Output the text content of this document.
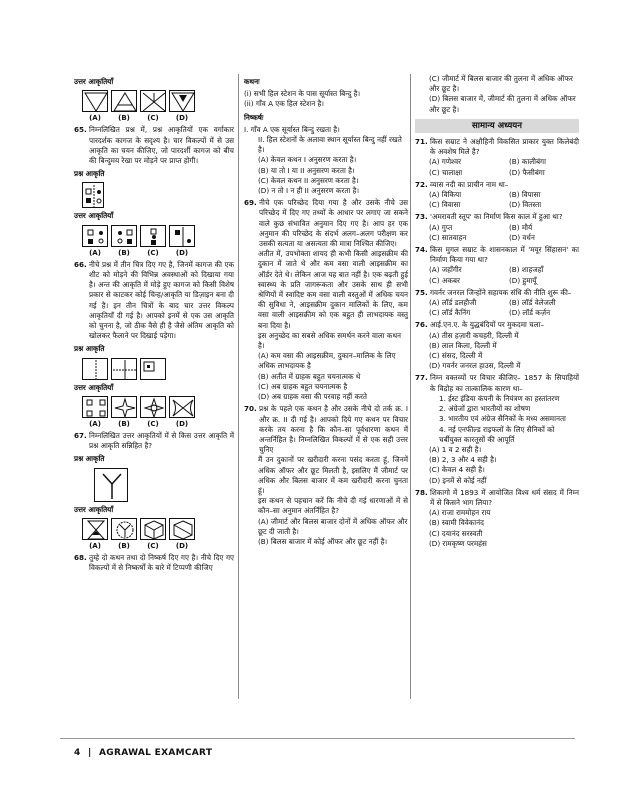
उत्तर आकृतियाँ
(A)	(B)	(C)	(D)
65. निम्नलिखित प्रश्न में, प्रश्न आकृतियों एक वर्गाकार पारदर्शक कागज के सदृश्य है। चार विकल्पों में से उस आकृति का चयन कीजिए, जो पारदर्शी कागज को बीच की बिन्दुमय रेखा पर मोड़ने पर प्राप्त होगी।
प्रश्न आकृति
उत्तर आकृतियाँ
(A)	(B)	(C)	(D)
66. नीचे प्रश्न में तीन चित्र दिए गए है, जिनमें कागज की एक शीट को मोड़ने की विभिन्न अवस्थाओं को दिखाया गया है। अन्त की आकृति में मोड़े हुए कागज को किसी विशेष प्रकार से काटकर कोई चिन्ह/आकृति या डिज़ाइन बना दी गई है। इन तीन चित्रों के बाद चार उत्तर विकल्प आकृतियाँ दी गई है। आपको इनमें से एक उस आकृति को चुनना है, जो ठीक वैसे ही है जैसे अंतिम आकृति को खोलकर फैलाने पर दिखाई पड़ेगा।
प्रश्न आकृति
उत्तर आकृतियाँ
(A)	(B)	(C)	(D)
67. निम्नलिखित उत्तर आकृतियों में से किस उत्तर आकृति में प्रश्न आकृति सन्निहित है?
प्रश्न आकृति
उत्तर आकृतियाँ
(A)	(B)	(C)	(D)
68. तुम्हे दो कथन तथा दो निष्कर्ष दिए गए है। नीचे दिए गए विकल्पों में से निष्कर्षों के बारे में टिप्पणी कीजिए
कथनः
(i) सभी हिल स्टेशन के पास सूर्यास्त बिन्दु है।
(ii) गाँव A एक हिल स्टेशन है।
निष्कर्षः
I. गाँव A एक सूर्यास्त बिन्दु रखता है।
II. हिल स्टेशनों के अलावा स्थान सूर्यास्त बिन्दु नहीं रखते है।
(A) केवल कथन I अनुसरण करता है।
(B) या तो I या II अनुसरण करता है।
(C) केवल कथन II अनुसरण करता है।
(D) न तो I न ही II अनुसरण करता है।
69. नीचे एक परिच्छेद दिया गया है और उसके नीचे उस परिच्छेद में दिए गए तथ्यों के आधार पर लगाए जा सकने वाले कुछ संभावित अनुमान दिए गए है। आप हर एक अनुमान की परिच्छेद के संदर्भ अलग–अलग परीक्षण कर उसकी सत्यता या असत्यता की मात्रा निश्चित कीजिए।
अतीत में, उपभोक्ता शायद ही कभी किसी आइसक्रीम की दुकान में जाते थे और कम वसा वाली आइसक्रीम का ऑर्डर देते थे। लेकिन आज यह बात नहीं है। एक बढ़ती हुई स्वास्थ्य के प्रति जागरूकता और उसके साथ ही सभी श्रेणियों में स्वादिष्ट कम वसा वाली वस्तुओं में अधिक चयन की सुविधा ने, आइसक्रीम दुकान मालिकों के लिए, कम वसा वाली आइसक्रीम को एक बहुत ही लाभदायक वस्तु बना दिया है।
इस अनुच्छेद का सबसे अधिक समर्थन करने वाला कथन है।
(A) कम वसा की आइसक्रीम, दुकान–मालिक के लिए अधिक लाभदायक है
(B) अतीत में ग्राहक बहुत चयनात्मक थे
(C) अब ग्राहक बहुत चयनात्मक है
(D) अब ग्राहक वसा की परवाह नहीं करते
70. प्रश्न के पहले एक कथन है और उसके नीचे दो तर्क क्र. I और क्र. II दी गई है। आपको दिये गए कथन पर विचार करके तय करना है कि कौन–सा पूर्वधारणा कथन में अन्तर्निहित है। निम्नलिखित विकल्पों में से एक सही उत्तर चुनिए
मैं उन दुकानों पर खरीदारी करना पसंद करता हूं, जिनमें अधिक ऑफर और छूट मिलती है, इसलिए मैं जीमार्ट पर अधिक और बिलस बाजार में कम खरीदारी करना चुनता हूं।
इस कथन से पहचान करें कि नीचे दी गई धारणाओं में से कौन–सा अनुमान अंतर्निहित है?
(A) जीमार्ट और बिलस बाजार दोनों में अधिक ऑफर और छूट दी जाती है।
(B) बिलस बाजार में कोई ऑफर और छूट नहीं है।
(C) जीमार्ट में बिलस बाजार की तुलना में अधिक ऑफर और छूट है।
(D) बिलस बाजार में, जीमार्ट की तुलना में अधिक ऑफर और छूट है।
सामान्य अध्ययन
71. किस सम्राट ने अक्षौहिनी विकसित प्राकार युक्त किलेबंदी के अवशेष मिले है?
(A) गणेश्वर	(B) कालीबंगा
(C) चालाक्षा	(D) फैसीबंगा
72. व्यास नदी का प्राचीन नाम था–
(A) विकिया	(B) विपासा
(C) विवासा	(D) वितस्ता
73. 'अमरावती स्तूप' का निर्माण किस काल में हुआ था?
(A) गुप्त	(B) मौर्य
(C) सातवाहन	(D) वर्धन
74. किस मुगल सम्राट के शासनकाल में 'मयूर सिंहासन' का निर्माण किया गया था?
(A) जहाँगीर	(B) शाहजहाँ
(C) अकबर	(D) हुमायूँ
75. गवर्नर जनरल जिन्होंने सहायक संधि की नीति शुरू की–
(A) लॉर्ड डलहौजी	(B) लॉर्ड वेलेजली
(C) लॉर्ड कैनिंग	(D) लॉर्ड कर्ज़न
76. आई.एन.ए. के युद्धबंदियों पर मुकदमा चला–
(A) तीस हज़ारी कचहरी, दिल्ली में
(B) लाल किला, दिल्ली में
(C) संसद, दिल्ली में
(D) गवर्नर जनरल हाउस, दिल्ली में
77. निम्न वक्तव्यों पर विचार कीजिए– 1857 के सिपाहियों के विद्रोह का तात्कालिक कारण था–
1. ईस्ट इंडिया कंपनी के नियंत्रण का हस्तांतरण
2. अंग्रेजों द्वारा भारतीयों का शोषण
3. भारतीय एवं अंग्रेज सैनिकों के मध्य असमानता
4. नई एनफील्ड राइफलों के लिए सैनिकों को चर्बीयुक्त कारतूसों की आपूर्ति
(A) 1 व 2 सही है।
(B) 2, 3 और 4 सही है।
(C) केवल 4 सही है।
(D) इनमें से कोई नहीं
78. शिकागो में 1893 में आयोजित विश्व धर्म संसद में निम्न में से किसने भाग लिया?
(A) राजा राममोहन राय
(B) स्वामी विवेकानंद
(C) दयानंद सरस्वती
(D) रामकृष्ण परमहंस
4 | AGRAWAL EXAMCART
